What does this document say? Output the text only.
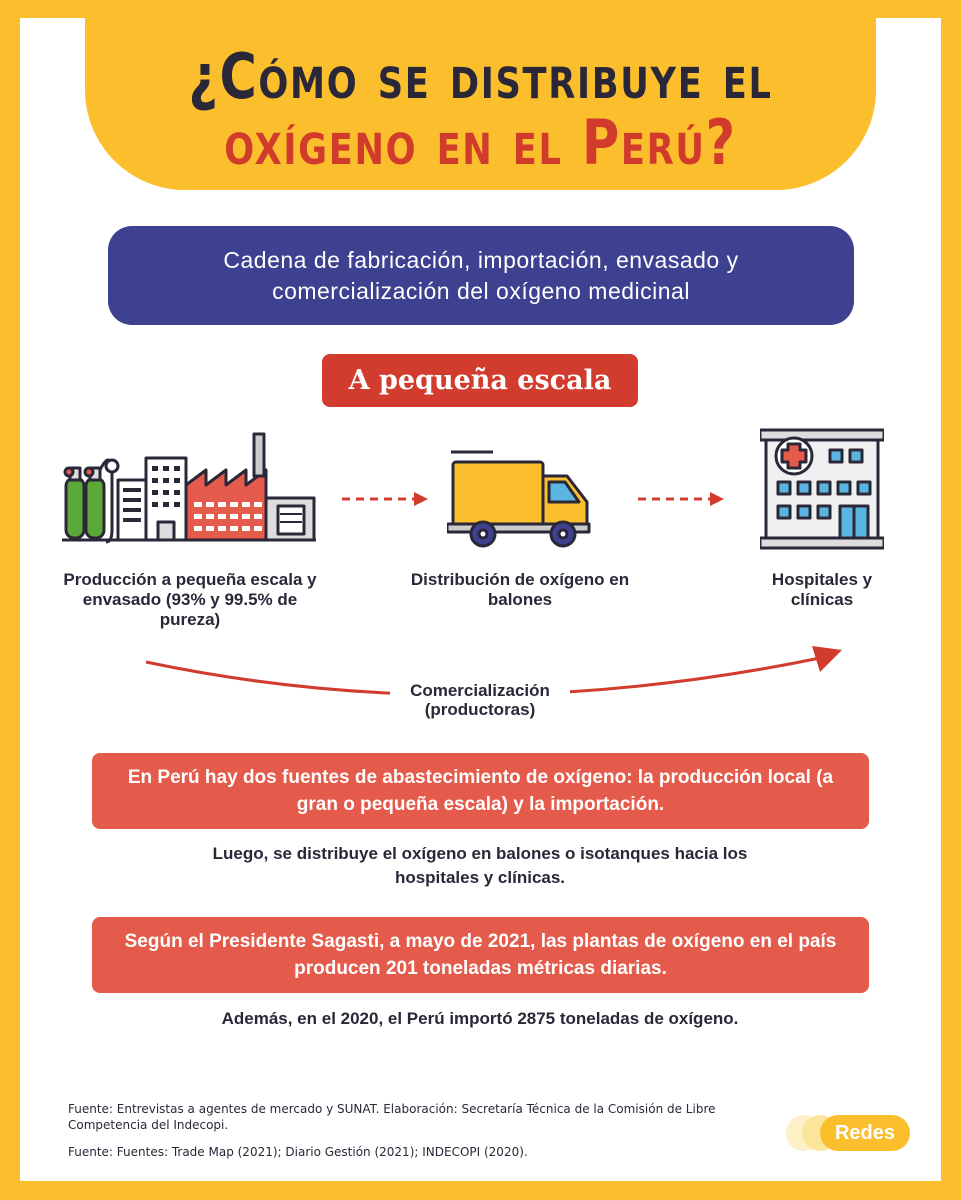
¿Cómo se distribuye el
oxígeno en el Perú?
Cadena de fabricación, importación, envasado y comercialización del oxígeno medicinal
A pequeña escala
Producción a pequeña escala y envasado (93% y 99.5% de pureza)
Distribución de oxígeno en balones
Hospitales y clínicas
Comercialización
(productoras)
En Perú hay dos fuentes de abastecimiento de oxígeno: la producción local (a gran o pequeña escala) y la importación.
Luego, se distribuye el oxígeno en balones o isotanques hacia los hospitales y clínicas.
Según el Presidente Sagasti, a mayo de 2021, las plantas de oxígeno en el país producen 201 toneladas métricas diarias.
Además, en el 2020, el Perú importó 2875 toneladas de oxígeno.
Fuente: Entrevistas a agentes de mercado y SUNAT. Elaboración: Secretaría Técnica de la Comisión de Libre Competencia del Indecopi.
Fuente: Fuentes: Trade Map (2021); Diario Gestión (2021); INDECOPI (2020).
Redes
